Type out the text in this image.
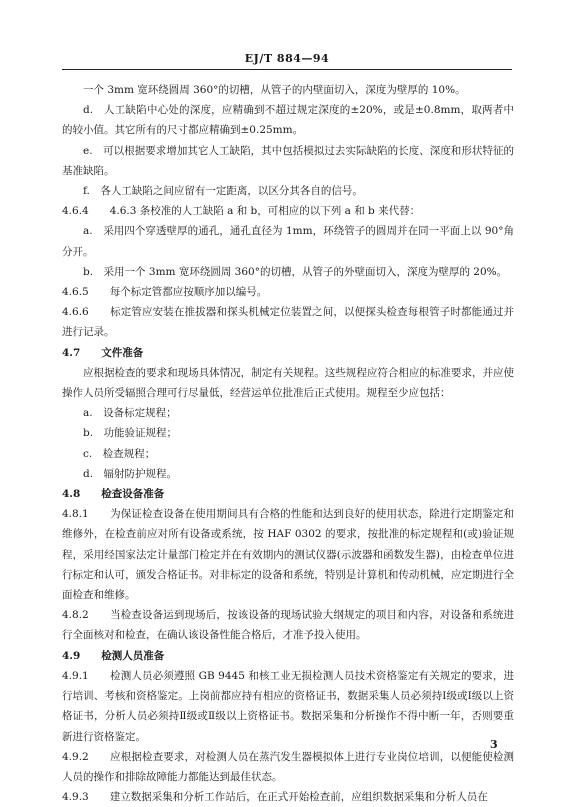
EJ/T 884—94

一个 3mm 宽环绕圆周 360°的切槽，从管子的内壁面切入，深度为壁厚的 10%。

d.　人工缺陷中心处的深度，应精确到不超过规定深度的±20%，或是±0.8mm，取两者中的较小值。其它所有的尺寸都应精确到±0.25mm。

e.　可以根据要求增加其它人工缺陷，其中包括模拟过去实际缺陷的长度、深度和形状特征的基准缺陷。

f.　各人工缺陷之间应留有一定距离，以区分其各自的信号。

4.6.4　　4.6.3 条校准的人工缺陷 a 和 b，可相应的以下列 a 和 b 来代替：

a.　采用四个穿透壁厚的通孔，通孔直径为 1mm，环绕管子的圆周并在同一平面上以 90°角分开。

b.　采用一个 3mm 宽环绕圆周 360°的切槽，从管子的外壁面切入，深度为壁厚的 20%。

4.6.5　　每个标定管都应按顺序加以编号。

4.6.6　　标定管应安装在推拔器和探头机械定位装置之间，以便探头检查每根管子时都能通过并进行记录。

4.7　　文件准备

应根据检查的要求和现场具体情况，制定有关规程。这些规程应符合相应的标准要求，并应使操作人员所受辐照合理可行尽量低，经营运单位批准后正式使用。规程至少应包括：

a.　设备标定规程；

b.　功能验证规程；

c.　检查规程；

d.　辐射防护规程。

4.8　　检查设备准备

4.8.1　　为保证检查设备在使用期间具有合格的性能和达到良好的使用状态，除进行定期鉴定和维修外，在检查前应对所有设备或系统，按 HAF 0302 的要求，按批准的标定规程和(或)验证规程，采用经国家法定计量部门检定并在有效期内的测试仪器(示波器和函数发生器)，由检查单位进行标定和认可，颁发合格证书。对非标定的设备和系统，特别是计算机和传动机械，应定期进行全面检查和维修。

4.8.2　　当检查设备运到现场后，按该设备的现场试验大纲规定的项目和内容，对设备和系统进行全面核对和检查，在确认该设备性能合格后，才准予投入使用。

4.9　　检测人员准备

4.9.1　　检测人员必须遵照 GB 9445 和核工业无损检测人员技术资格鉴定有关规定的要求，进行培训、考核和资格鉴定。上岗前都应持有相应的资格证书，数据采集人员必须持Ⅰ级或Ⅰ级以上资格证书，分析人员必须持Ⅱ级或Ⅱ级以上资格证书。数据采集和分析操作不得中断一年，否则要重新进行资格鉴定。

4.9.2　　应根据检查要求，对检测人员在蒸汽发生器模拟体上进行专业岗位培训，以便能使检测人员的操作和排除故障能力都能达到最佳状态。

4.9.3　　建立数据采集和分析工作站后，在正式开始检查前，应组织数据采集和分析人员在

3
